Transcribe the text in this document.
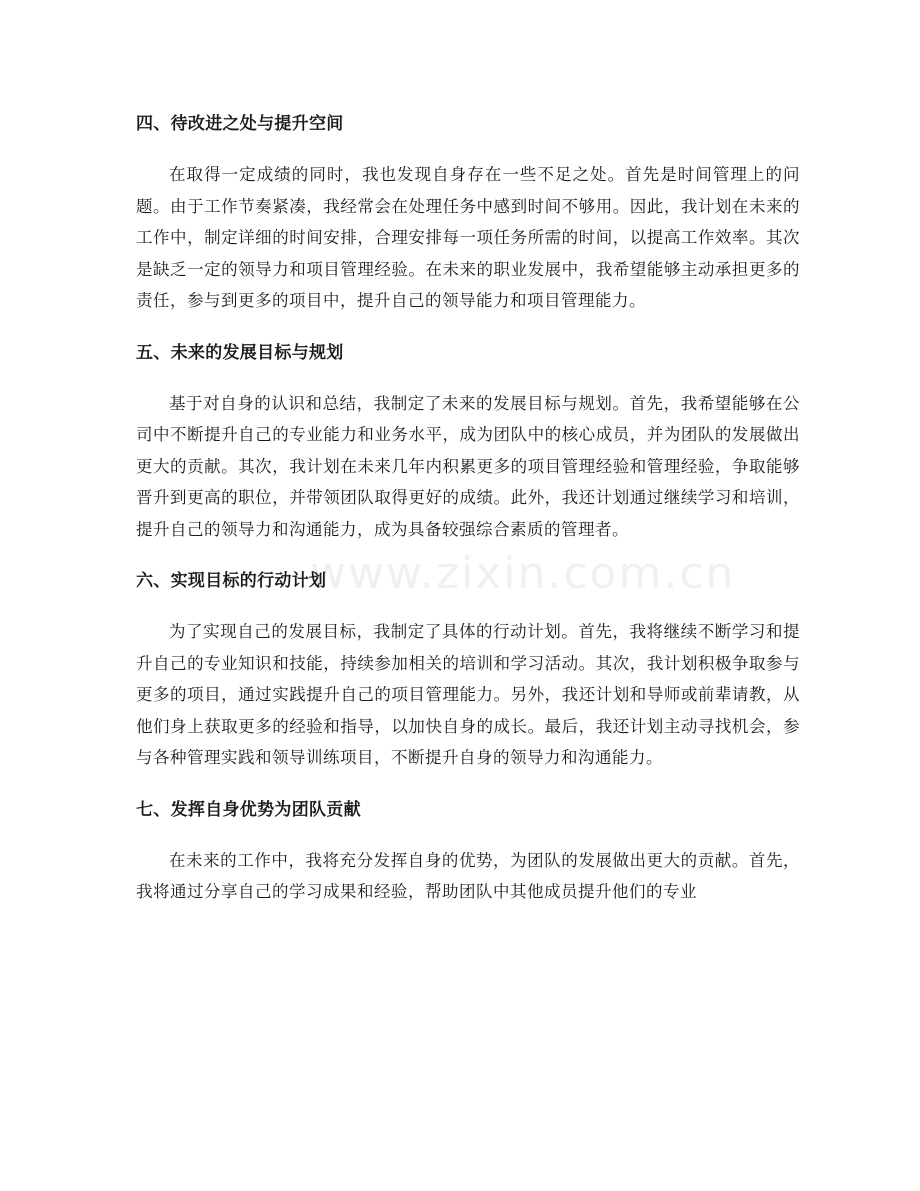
www.zixin.com.cn
四、待改进之处与提升空间

在取得一定成绩的同时，我也发现自身存在一些不足之处。首先是时间管理上的问题。由于工作节奏紧凑，我经常会在处理任务中感到时间不够用。因此，我计划在未来的工作中，制定详细的时间安排，合理安排每一项任务所需的时间，以提高工作效率。其次是缺乏一定的领导力和项目管理经验。在未来的职业发展中，我希望能够主动承担更多的责任，参与到更多的项目中，提升自己的领导能力和项目管理能力。

五、未来的发展目标与规划

基于对自身的认识和总结，我制定了未来的发展目标与规划。首先，我希望能够在公司中不断提升自己的专业能力和业务水平，成为团队中的核心成员，并为团队的发展做出更大的贡献。其次，我计划在未来几年内积累更多的项目管理经验和管理经验，争取能够晋升到更高的职位，并带领团队取得更好的成绩。此外，我还计划通过继续学习和培训，提升自己的领导力和沟通能力，成为具备较强综合素质的管理者。

六、实现目标的行动计划

为了实现自己的发展目标，我制定了具体的行动计划。首先，我将继续不断学习和提升自己的专业知识和技能，持续参加相关的培训和学习活动。其次，我计划积极争取参与更多的项目，通过实践提升自己的项目管理能力。另外，我还计划和导师或前辈请教，从他们身上获取更多的经验和指导，以加快自身的成长。最后，我还计划主动寻找机会，参与各种管理实践和领导训练项目，不断提升自身的领导力和沟通能力。

七、发挥自身优势为团队贡献

在未来的工作中，我将充分发挥自身的优势，为团队的发展做出更大的贡献。首先，我将通过分享自己的学习成果和经验，帮助团队中其他成员提升他们的专业
